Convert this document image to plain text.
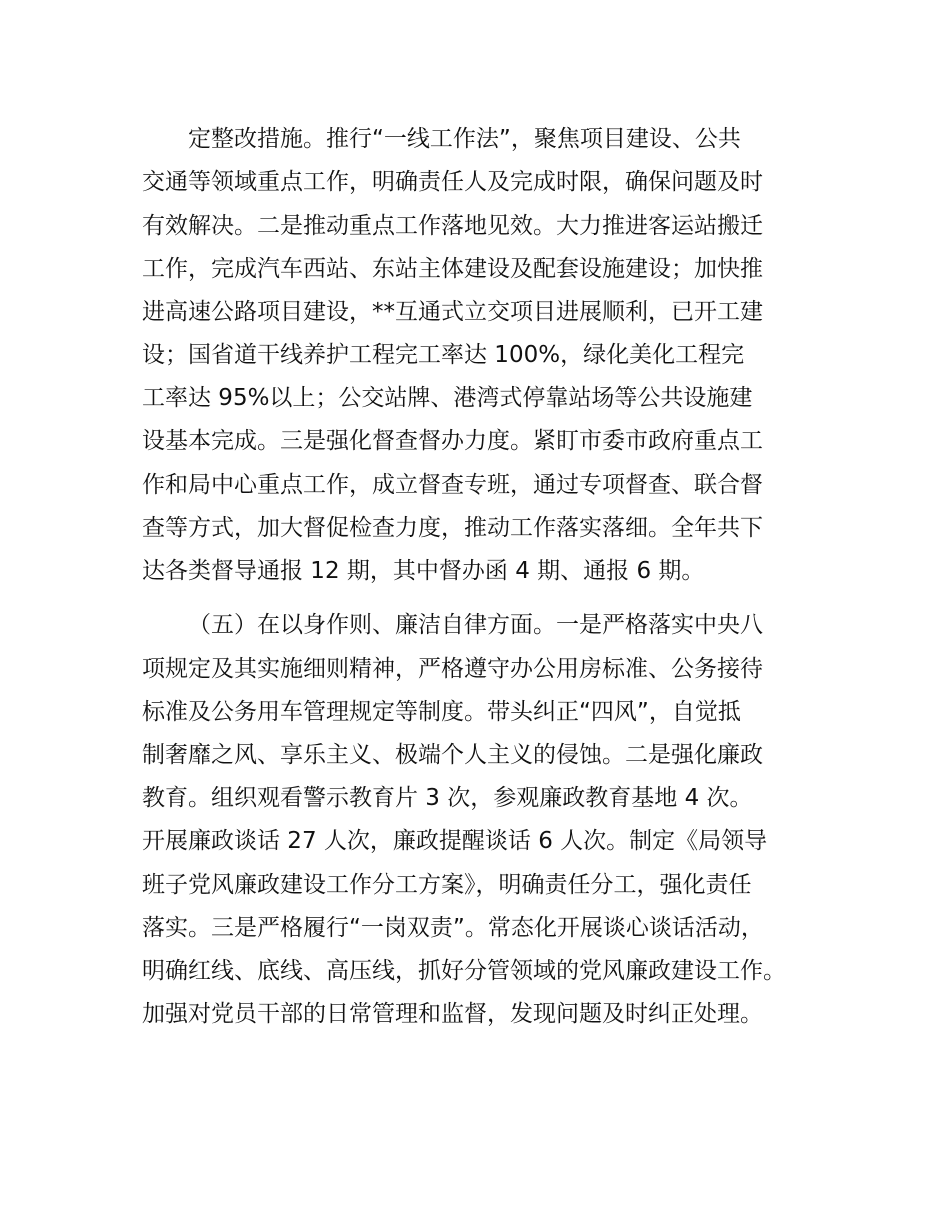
定整改措施。推行“一线工作法”，聚焦项目建设、公共
交通等领域重点工作，明确责任人及完成时限，确保问题及时
有效解决。二是推动重点工作落地见效。大力推进客运站搬迁
工作，完成汽车西站、东站主体建设及配套设施建设；加快推
进高速公路项目建设，**互通式立交项目进展顺利，已开工建
设；国省道干线养护工程完工率达 100%，绿化美化工程完
工率达 95%以上；公交站牌、港湾式停靠站场等公共设施建
设基本完成。三是强化督查督办力度。紧盯市委市政府重点工
作和局中心重点工作，成立督查专班，通过专项督查、联合督
查等方式，加大督促检查力度，推动工作落实落细。全年共下
达各类督导通报 12 期，其中督办函 4 期、通报 6 期。
（五）在以身作则、廉洁自律方面。一是严格落实中央八
项规定及其实施细则精神，严格遵守办公用房标准、公务接待
标准及公务用车管理规定等制度。带头纠正“四风”，自觉抵
制奢靡之风、享乐主义、极端个人主义的侵蚀。二是强化廉政
教育。组织观看警示教育片 3 次，参观廉政教育基地 4 次。
开展廉政谈话 27 人次，廉政提醒谈话 6 人次。制定《局领导
班子党风廉政建设工作分工方案》，明确责任分工，强化责任
落实。三是严格履行“一岗双责”。常态化开展谈心谈话活动，
明确红线、底线、高压线，抓好分管领域的党风廉政建设工作。
加强对党员干部的日常管理和监督，发现问题及时纠正处理。
